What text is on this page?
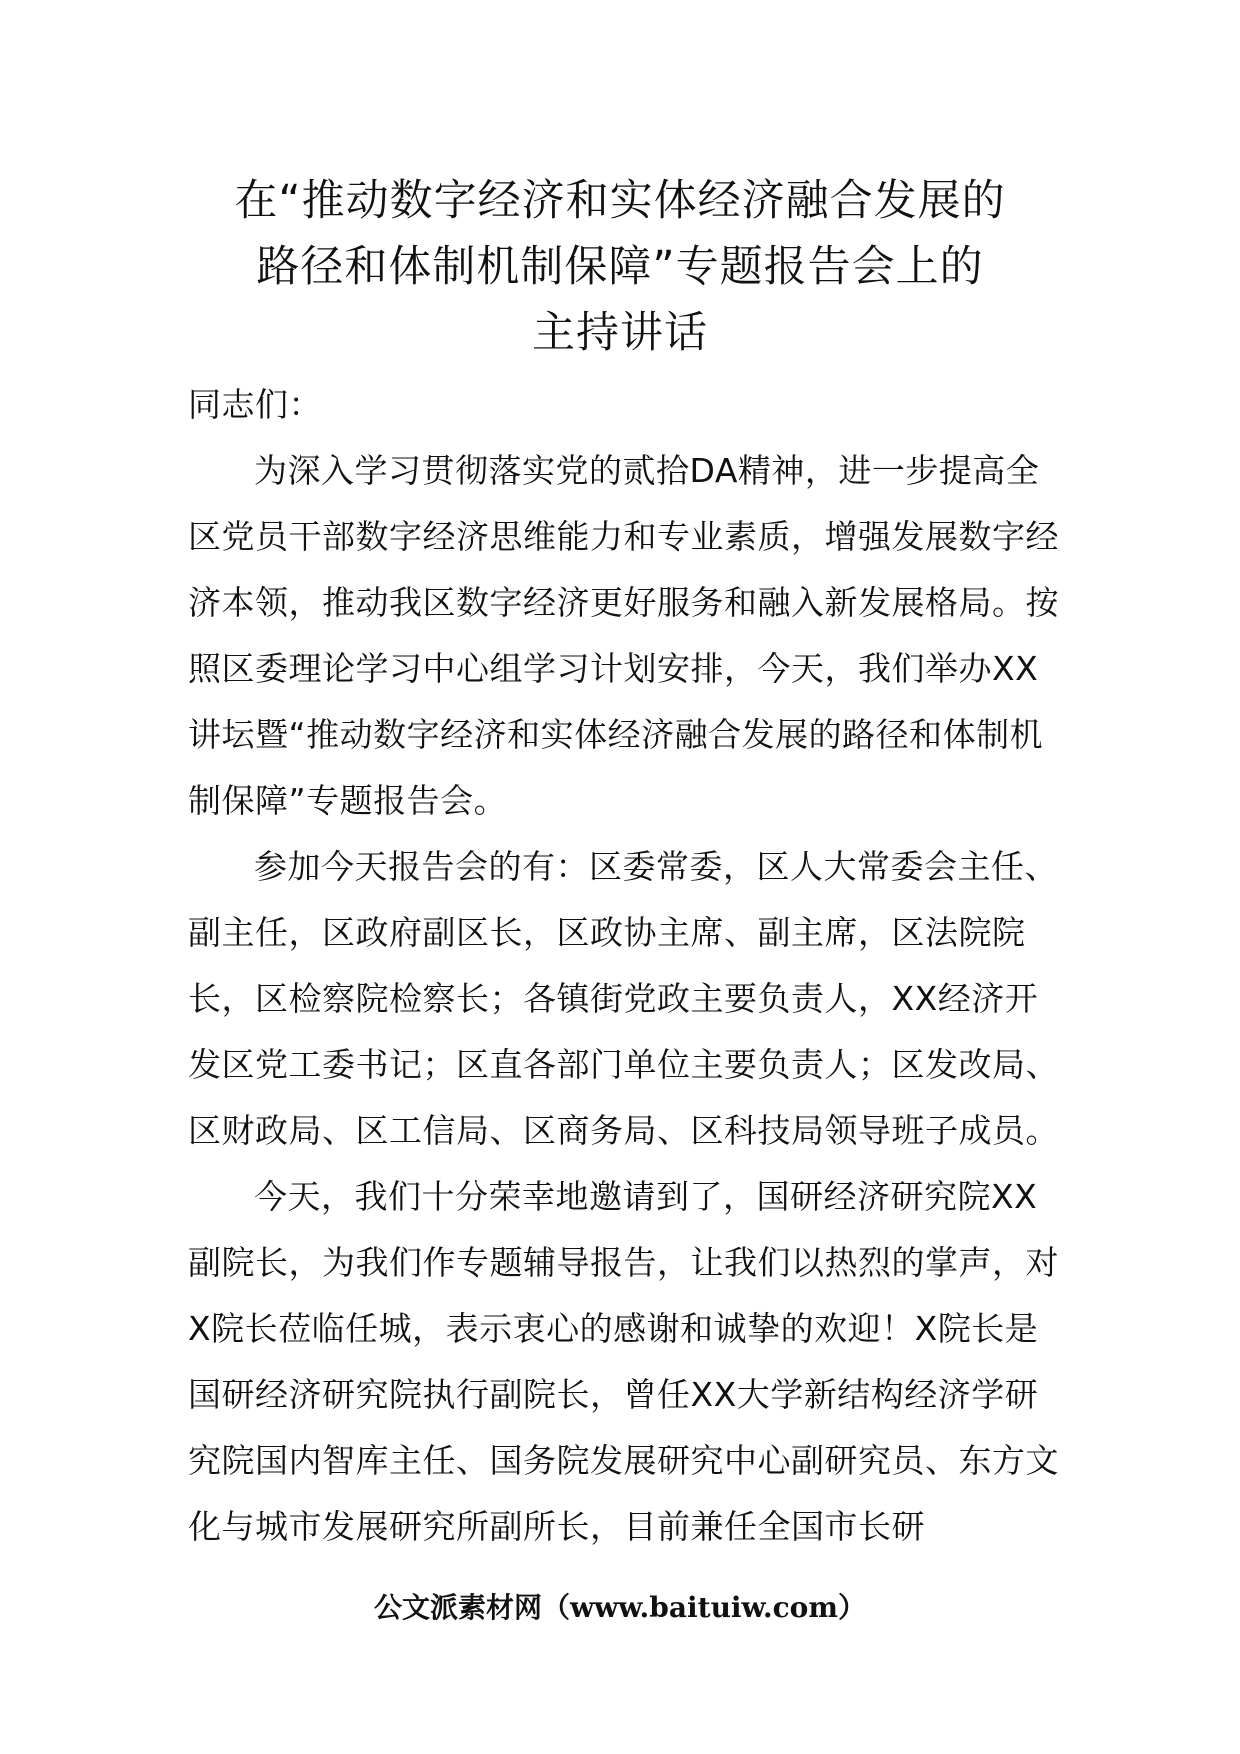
在“推动数字经济和实体经济融合发展的
路径和体制机制保障”专题报告会上的
主持讲话

同志们：

为深入学习贯彻落实党的贰拾DA精神，进一步提高全区党员干部数字经济思维能力和专业素质，增强发展数字经济本领，推动我区数字经济更好服务和融入新发展格局。按照区委理论学习中心组学习计划安排，今天，我们举办XX讲坛暨“推动数字经济和实体经济融合发展的路径和体制机制保障”专题报告会。

参加今天报告会的有：区委常委，区人大常委会主任、副主任，区政府副区长，区政协主席、副主席，区法院院长，区检察院检察长；各镇街党政主要负责人，XX经济开发区党工委书记；区直各部门单位主要负责人；区发改局、区财政局、区工信局、区商务局、区科技局领导班子成员。

今天，我们十分荣幸地邀请到了，国研经济研究院XX副院长，为我们作专题辅导报告，让我们以热烈的掌声，对X院长莅临任城，表示衷心的感谢和诚挚的欢迎！X院长是国研经济研究院执行副院长，曾任XX大学新结构经济学研究院国内智库主任、国务院发展研究中心副研究员、东方文化与城市发展研究所副所长，目前兼任全国市长研

公文派素材网（www.baituiw.com）
